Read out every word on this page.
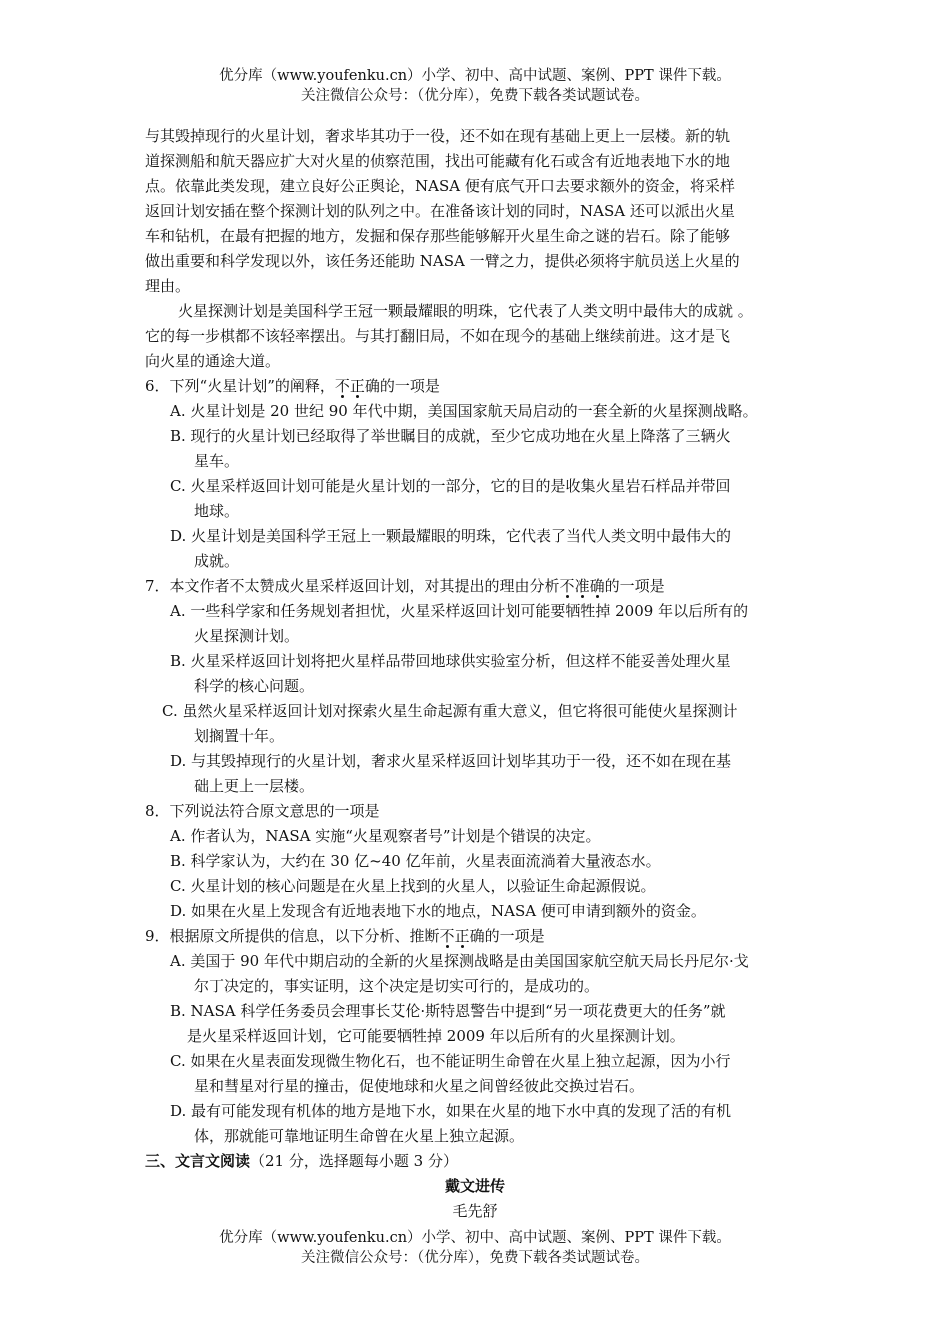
优分库（www.youfenku.cn）小学、初中、高中试题、案例、PPT 课件下载。
关注微信公众号：（优分库），免费下载各类试题试卷。
与其毁掉现行的火星计划，奢求毕其功于一役，还不如在现有基础上更上一层楼。新的轨
道探测船和航天器应扩大对火星的侦察范围，找出可能藏有化石或含有近地表地下水的地
点。依靠此类发现，建立良好公正舆论，NASA 便有底气开口去要求额外的资金，将采样
返回计划安插在整个探测计划的队列之中。在准备该计划的同时，NASA 还可以派出火星
车和钻机，在最有把握的地方，发掘和保存那些能够解开火星生命之谜的岩石。除了能够
做出重要和科学发现以外，该任务还能助 NASA 一臂之力，提供必须将宇航员送上火星的
理由。
火星探测计划是美国科学王冠一颗最耀眼的明珠，它代表了人类文明中最伟大的成就 。
它的每一步棋都不该轻率摆出。与其打翻旧局，不如在现今的基础上继续前进。这才是飞
向火星的通途大道。
6．下列“火星计划”的阐释，不正确的一项是
A. 火星计划是 20 世纪 90 年代中期，美国国家航天局启动的一套全新的火星探测战略。
B. 现行的火星计划已经取得了举世瞩目的成就，至少它成功地在火星上降落了三辆火
星车。
C. 火星采样返回计划可能是火星计划的一部分，它的目的是收集火星岩石样品并带回
地球。
D. 火星计划是美国科学王冠上一颗最耀眼的明珠，它代表了当代人类文明中最伟大的
成就。
7．本文作者不太赞成火星采样返回计划，对其提出的理由分析不准确的一项是
A. 一些科学家和任务规划者担忧，火星采样返回计划可能要牺牲掉 2009 年以后所有的
火星探测计划。
B. 火星采样返回计划将把火星样品带回地球供实验室分析，但这样不能妥善处理火星
科学的核心问题。
C. 虽然火星采样返回计划对探索火星生命起源有重大意义，但它将很可能使火星探测计
划搁置十年。
D. 与其毁掉现行的火星计划，奢求火星采样返回计划毕其功于一役，还不如在现在基
础上更上一层楼。
8．下列说法符合原文意思的一项是
A. 作者认为，NASA 实施“火星观察者号”计划是个错误的决定。
B. 科学家认为，大约在 30 亿~40 亿年前，火星表面流淌着大量液态水。
C. 火星计划的核心问题是在火星上找到的火星人，以验证生命起源假说。
D. 如果在火星上发现含有近地表地下水的地点，NASA 便可申请到额外的资金。
9．根据原文所提供的信息，以下分析、推断不正确的一项是
A. 美国于 90 年代中期启动的全新的火星探测战略是由美国国家航空航天局长丹尼尔·戈
尔丁决定的，事实证明，这个决定是切实可行的，是成功的。
B. NASA 科学任务委员会理事长艾伦·斯特恩警告中提到“另一项花费更大的任务”就
是火星采样返回计划，它可能要牺牲掉 2009 年以后所有的火星探测计划。
C. 如果在火星表面发现微生物化石，也不能证明生命曾在火星上独立起源，因为小行
星和彗星对行星的撞击，促使地球和火星之间曾经彼此交换过岩石。
D. 最有可能发现有机体的地方是地下水，如果在火星的地下水中真的发现了活的有机
体，那就能可靠地证明生命曾在火星上独立起源。
三、文言文阅读（21 分，选择题每小题 3 分）
戴文进传
毛先舒
优分库（www.youfenku.cn）小学、初中、高中试题、案例、PPT 课件下载。
关注微信公众号：（优分库），免费下载各类试题试卷。
